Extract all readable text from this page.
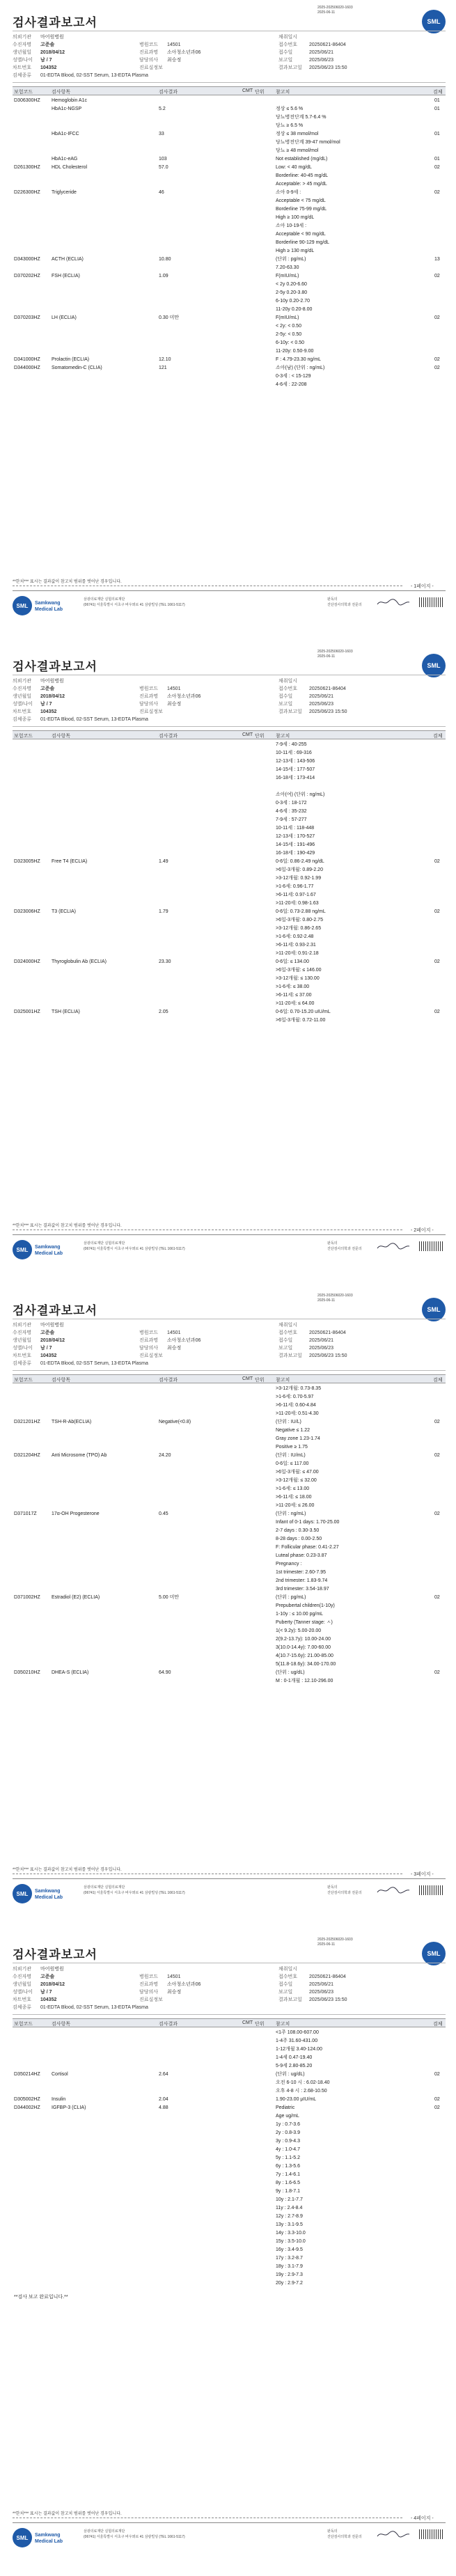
검사결과보고서
2025-202506020-1603
2025-06-11
SML
의뢰기관 마어원병원	채취일시
수진자명 고준솔	병원코드 14501	접수번호 20250621-86404
생년월일 2018/04/12	진료과명 소아청소년과06	접수일	2025/06/21
성별/나이 남 / 7	담당의사 최승정	보고일	2025/06/23
차트번호 104352	진료실정보	결과보고일 2025/06/23 15:50
검체종류 01-EDTA Blood, 02-SST Serum, 13-EDTA Plasma
보험코드	검사항목	검사결과	CMT 단위 참고치	검체
D306300HZ Hemoglobin A1c	01
HbA1c-NGSP	5.2	정상 ≤ 5.6 %	01
당뇨병전단계 5.7-6.4 %
당뇨 ≥ 6.5 %
HbA1c-IFCC	33	정상 ≤ 38 mmol/mol	01
당뇨병전단계 39-47 mmol/mol
당뇨 ≥ 48 mmol/mol
HbA1c-eAG	103	Not established (mg/dL)	01
D261300HZ HDL Cholesterol	57.0	Low: < 40 mg/dL	02
Borderline: 40-45 mg/dL
Acceptable: > 45 mg/dL
D226300HZ Triglyceride	46	소아 0-9세 :	02
Acceptable < 75 mg/dL
Borderline 75-99 mg/dL
High ≥ 100 mg/dL
소아 10-19세 :
Acceptable < 90 mg/dL
Borderline 90-129 mg/dL
High ≥ 130 mg/dL
D343000HZ ACTH (ECLIA)	10.80	(단위 : pg/mL)	13
7.20-63.30
D370202HZ FSH (ECLIA)	1.09	F(mIU/mL)	02
< 2y 0.20-6.60
2-5y 0.20-3.80
6-10y 0.20-2.70
11-20y 0.20-8.00
D370203HZ LH (ECLIA)	0.30 미만	F(mIU/mL)	02
< 2y: < 0.50
2-5y: < 0.50
6-10y: < 0.50
11-20y: 0.50-9.00
D341000HZ Prolactin (ECLIA)	12.10	F : 4.79-23.30 ng/mL	02
D344000HZ Somatomedin-C (CLIA)	121	소아(남) (단위 : ng/mL)	02
0-3세 : < 15-129
4-6세 : 22-208
**한치*** 표시는 결과값이 참고치 범위를 벗어난 경우입니다.
- 1페이지 -
SML	Samkwang Medical Lab
삼광의료재단 실험의료재단
(06741) 서울특별시 서초구 바우뫼로 41 삼광빌딩 (TEL 1661-5117)
판독의
진단검사의학과 전문의
검사결과보고서
2025-202506020-1603
2025-06-11
SML
의뢰기관 마어원병원	채취일시
수진자명 고준솔	병원코드 14501	접수번호 20250621-86404
생년월일 2018/04/12	진료과명 소아청소년과06	접수일	2025/06/21
성별/나이 남 / 7	담당의사 최승정	보고일	2025/06/23
차트번호 104352	진료실정보	결과보고일 2025/06/23 15:50
검체종류 01-EDTA Blood, 02-SST Serum, 13-EDTA Plasma
보험코드	검사항목	검사결과	CMT 단위 참고치	검체
7-9세 : 40-255
10-11세 : 69-316
12-13세 : 143-506
14-15세 : 177-507
16-18세 : 173-414
소아(여) (단위 : ng/mL)
0-3세 : 18-172
4-6세 : 35-232
7-9세 : 57-277
10-11세 : 118-448
12-13세 : 170-527
14-15세 : 191-496
16-18세 : 190-429
D323005HZ Free T4 (ECLIA)	1.49	0-6일: 0.86-2.49 ng/dL	02
>6일-3개월: 0.89-2.20
>3-12개월: 0.92-1.99
>1-6세: 0.96-1.77
>6-11세: 0.97-1.67
>11-20세: 0.98-1.63
D323006HZ T3 (ECLIA)	1.79	0-6일: 0.73-2.88 ng/mL	02
>6일-3개월: 0.80-2.75
>3-12개월: 0.86-2.65
>1-6세: 0.92-2.48
>6-11세: 0.93-2.31
>11-20세: 0.91-2.18
D324000HZ Thyroglobulin Ab (ECLIA)	23.30	0-6일: ≤ 134.00	02
>6일-3개월: ≤ 146.00
>3-12개월: ≤ 130.00
>1-6세: ≤ 38.00
>6-11세: ≤ 37.00
>11-20세: ≤ 64.00
D325001HZ TSH (ECLIA)	2.05	0-6일: 0.70-15.20 uIU/mL	02
>6일-3개월: 0.72-11.00
**한치*** 표시는 결과값이 참고치 범위를 벗어난 경우입니다.
- 2페이지 -
SML	Samkwang Medical Lab
삼광의료재단 실험의료재단
(06741) 서울특별시 서초구 바우뫼로 41 삼광빌딩 (TEL 1661-5117)
판독의
진단검사의학과 전문의
검사결과보고서
2025-202506020-1603
2025-06-11
SML
의뢰기관 마어원병원	채취일시
수진자명 고준솔	병원코드 14501	접수번호 20250621-86404
생년월일 2018/04/12	진료과명 소아청소년과06	접수일	2025/06/21
성별/나이 남 / 7	담당의사 최승정	보고일	2025/06/23
차트번호 104352	진료실정보	결과보고일 2025/06/23 15:50
검체종류 01-EDTA Blood, 02-SST Serum, 13-EDTA Plasma
보험코드	검사항목	검사결과	CMT 단위 참고치	검체
>3-12개월: 0.73-8.35
>1-6세: 0.70-5.97
>6-11세: 0.60-4.84
>11-20세: 0.51-4.30
D321201HZ TSH-R-Ab(ECLIA)	Negative(<0.8)	(단위 : IU/L)	02
Negative ≤ 1.22
Gray zone 1.23-1.74
Positive ≥ 1.75
D321204HZ Anti Microsome (TPO) Ab	24.20	(단위 : IU/mL)	02
0-6일: ≤ 117.00
>6일-3개월: ≤ 47.00
>3-12개월: ≤ 32.00
>1-6세: ≤ 13.00
>6-11세: ≤ 18.00
>11-20세: ≤ 26.00
D371017Z	17α-OH Progesterone	0.45	(단위 : ng/mL)	02
Infant of 0-1 days: 1.70-25.00
2-7 days : 0.30-3.50
8-28 days : 0.00-2.50
F: Follicular phase: 0.41-2.27
Luteal phase: 0.23-3.87
Pregnancy :
1st trimester: 2.60-7.95
2nd trimester: 1.83-9.74
3rd trimester: 3.54-18.97
D371002HZ Estradiol (E2) (ECLIA)	5.00 미만	(단위 : pg/mL)	02
Prepubertal children(1-10y)
1-10y : ≤ 10.00 pg/mL
Puberty (Tanner stage: ㅅ)
1(< 9.2y): 5.00-20.00
2(9.2-13.7y): 10.00-24.00
3(10.0-14.4y): 7.00-60.00
4(10.7-15.6y): 21.00-85.00
5(11.8-18.6y): 34.00-170.00
D350210HZ DHEA-S (ECLIA)	64.90	(단위 : ug/dL)	02
M : 0-1개월 : 12.10-296.00
**한치*** 표시는 결과값이 참고치 범위를 벗어난 경우입니다.
- 3페이지 -
SML	Samkwang Medical Lab
삼광의료재단 실험의료재단
(06741) 서울특별시 서초구 바우뫼로 41 삼광빌딩 (TEL 1661-5117)
판독의
진단검사의학과 전문의
검사결과보고서
2025-202506020-1603
2025-06-11
SML
의뢰기관 마어원병원	채취일시
수진자명 고준솔	병원코드 14501	접수번호 20250621-86404
생년월일 2018/04/12	진료과명 소아청소년과06	접수일	2025/06/21
성별/나이 남 / 7	담당의사 최승정	보고일	2025/06/23
차트번호 104352	진료실정보	결과보고일 2025/06/23 15:50
검체종류 01-EDTA Blood, 02-SST Serum, 13-EDTA Plasma
보험코드	검사항목	검사결과	CMT 단위 참고치	검체
<1주 108.00-607.00
1-4주 31.60-431.00
1-12개월 3.40-124.00
1-4세 0.47-19.40
5-9세 2.80-85.20
D350214HZ Cortisol	2.64	(단위 : ug/dL)	02
오전 6-10 시 : 6.02-18.40
오후 4-8 시 : 2.68-10.50
D305002HZ Insulin	2.04	1.90-23.00 μIU/mL	02
D344002HZ IGFBP-3 (CLIA)	4.88	Pediatric	02
Age ug/mL
1y : 0.7-3.6
2y : 0.8-3.9
3y : 0.9-4.3
4y : 1.0-4.7
5y : 1.1-5.2
6y : 1.3-5.6
7y : 1.4-6.1
8y : 1.6-6.5
9y : 1.8-7.1
10y : 2.1-7.7
11y : 2.4-8.4
12y : 2.7-8.9
13y : 3.1-9.5
14y : 3.3-10.0
15y : 3.5-10.0
16y : 3.4-9.5
17y : 3.2-8.7
18y : 3.1-7.9
19y : 2.9-7.3
20y : 2.9-7.2
**검사 보고 완료입니다.**
**한치*** 표시는 결과값이 참고치 범위를 벗어난 경우입니다.
- 4페이지 -
SML	Samkwang Medical Lab
삼광의료재단 실험의료재단
(06741) 서울특별시 서초구 바우뫼로 41 삼광빌딩 (TEL 1661-5117)
판독의
진단검사의학과 전문의
